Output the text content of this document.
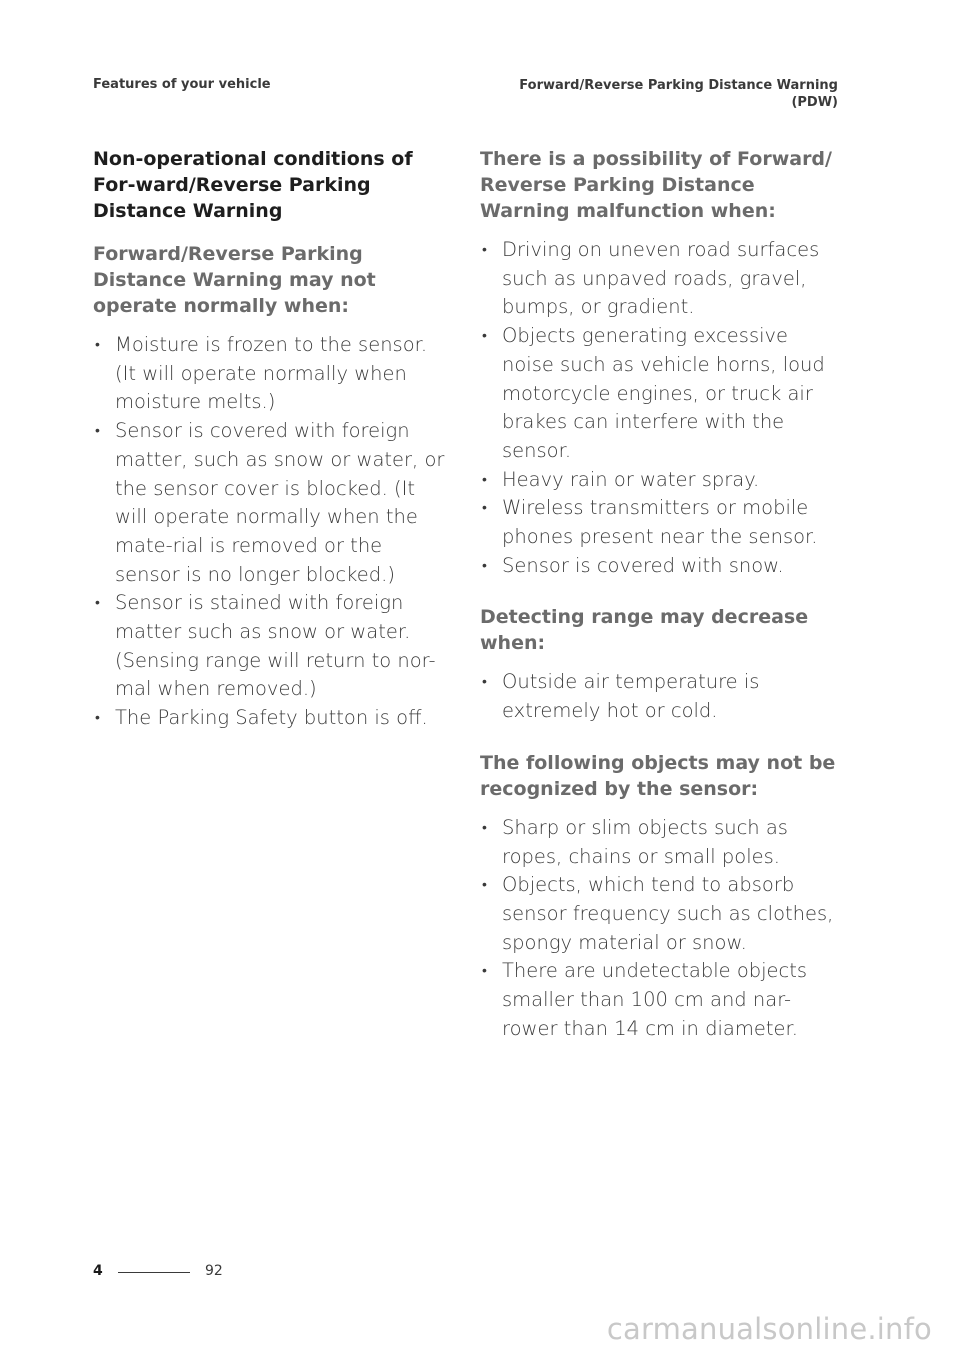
Features of your vehicle	Forward/Reverse Parking Distance Warning
(PDW)
Non-operational conditions of For-ward/Reverse Parking Distance Warning
Forward/Reverse Parking Distance Warning may not operate normally when:
• Moisture is frozen to the sensor. (It will operate normally when moisture melts.)
• Sensor is covered with foreign matter, such as snow or water, or the sensor cover is blocked. (It will operate normally when the mate-rial is removed or the sensor is no longer blocked.)
• Sensor is stained with foreign matter such as snow or water. (Sensing range will return to nor-mal when removed.)
• The Parking Safety button is off.
There is a possibility of Forward/ Reverse Parking Distance Warning malfunction when:
• Driving on uneven road surfaces such as unpaved roads, gravel, bumps, or gradient.
• Objects generating excessive noise such as vehicle horns, loud motorcycle engines, or truck air brakes can interfere with the sensor.
• Heavy rain or water spray.
• Wireless transmitters or mobile phones present near the sensor.
• Sensor is covered with snow.
Detecting range may decrease when:
• Outside air temperature is extremely hot or cold.
The following objects may not be recognized by the sensor:
• Sharp or slim objects such as ropes, chains or small poles.
• Objects, which tend to absorb sensor frequency such as clothes, spongy material or snow.
• There are undetectable objects smaller than 100 cm and nar-rower than 14 cm in diameter.
4	92
carmanualsonline.info
